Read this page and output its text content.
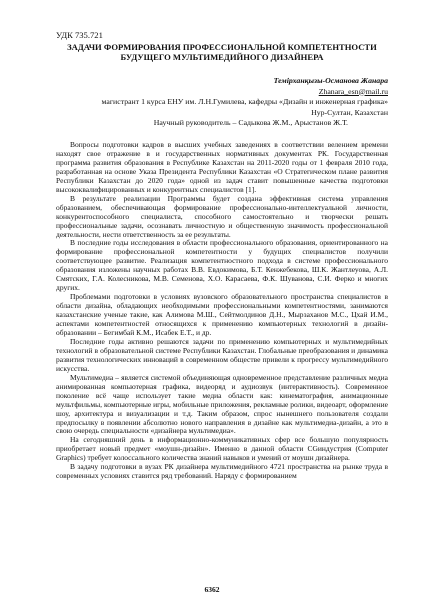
УДК 735.721
ЗАДАЧИ ФОРМИРОВАНИЯ ПРОФЕССИОНАЛЬНОЙ КОМПЕТЕНТНОСТИ
БУДУЩЕГО МУЛЬТИМЕДИЙНОГО ДИЗАЙНЕРА
Темірханқызы-Османова Жанара
Zhanara_esn@mail.ru
магистрант 1 курса ЕНУ им. Л.Н.Гумилева, кафедры «Дизайн и инженерная графика»
Нур-Султан, Казахстан
Научный руководитель – Садыкова Ж.М., Арыстанов Ж.Т.

Вопросы подготовки кадров в высших учебных заведениях в соответствии велением времени находят свое отражение в и государственных нормативных документах РК. Государственная программа развития образования в Республике Казахстан на 2011-2020 годы от 1 февраля 2010 года, разработанная на основе Указа Президента Республики Казахстан «О Стратегическом плане развития Республики Казахстан до 2020 года» одной из задач ставит повышенные качества подготовки высококвалифицированных и конкурентных специалистов [1].

В результате реализации Программы будет создана эффективная система управления образованием, обеспечивающая формирование профессионально-интеллектуальной личности, конкурентоспособного специалиста, способного самостоятельно и творчески решать профессиональные задачи, осознавать личностную и общественную значимость профессиональной деятельности, нести ответственность за ее результаты.

В последние годы исследования в области профессионального образования, ориентированного на формирование профессиональной компетентности у будущих специалистов получили соответствующее развитие. Реализация компетентностного подхода в системе профессионального образования изложены научных работах В.В. Евдокимова, Б.Т. Кенжебекова, Ш.К. Жантлеуова, А.Л. Смятских, Г.А. Колесникова, М.В. Семеновa, Х.О. Карасаева, Ф.К. Шуванова, С.И. Ферко и многих других.

Проблемами подготовки в условиях вузовского образовательного пространства специалистов в области дизайна, обладающих необходимыми профессиональными компетентностями, занимаются казахстанские ученые такие, как Алимова М.Ш., Сейтмолдинов Д.Н., Мырзаханов М.С., Цхай И.М., аспектами компетентностей относящихся к применению компьютерных технологий в дизайн-образовании – Бегимбай К.М., Исабек Е.Т., и др.

Последние годы активно решаются задачи по применению компьютерных и мультимедийных технологий в образовательной системе Республики Казахстан. Глобальные преобразования и динамика развития технологических инноваций в современном обществе привели к прогрессу мультимедийного искусства.

Мультимедиа – является системой объединяющая одновременное представление различных медиа анимированная компьютерная графика, видеоряд и аудиозвук (интерактивность). Современное поколение всё чаще использует такие медиа области как: кинематография, анимационные мультфильмы, компьютерные игры, мобильные приложения, рекламные ролики, видеоарт, оформление шоу, архитектура и визуализации и т.д. Таким образом, спрос нынешнего пользователя создали предпосылку в появлении абсолютно нового направления в дизайне как мультимедиа-дизайн, а это в свою очередь специальности «дизайнера мультимедиа».

На сегодняшний день в информационно-коммуникативных сфер все большую популярность приобретает новый предмет «моушн-дизайн». Именно в данной области CGиндустрия (Computer Graphics) требует колоссального количества знаний навыков и умений от моушн дизайнера.

В задачу подготовки в вузах РК дизайнера мультимедийного 4721 пространства на рынке труда в современных условиях ставится ряд требований. Наряду с формированием

6362
